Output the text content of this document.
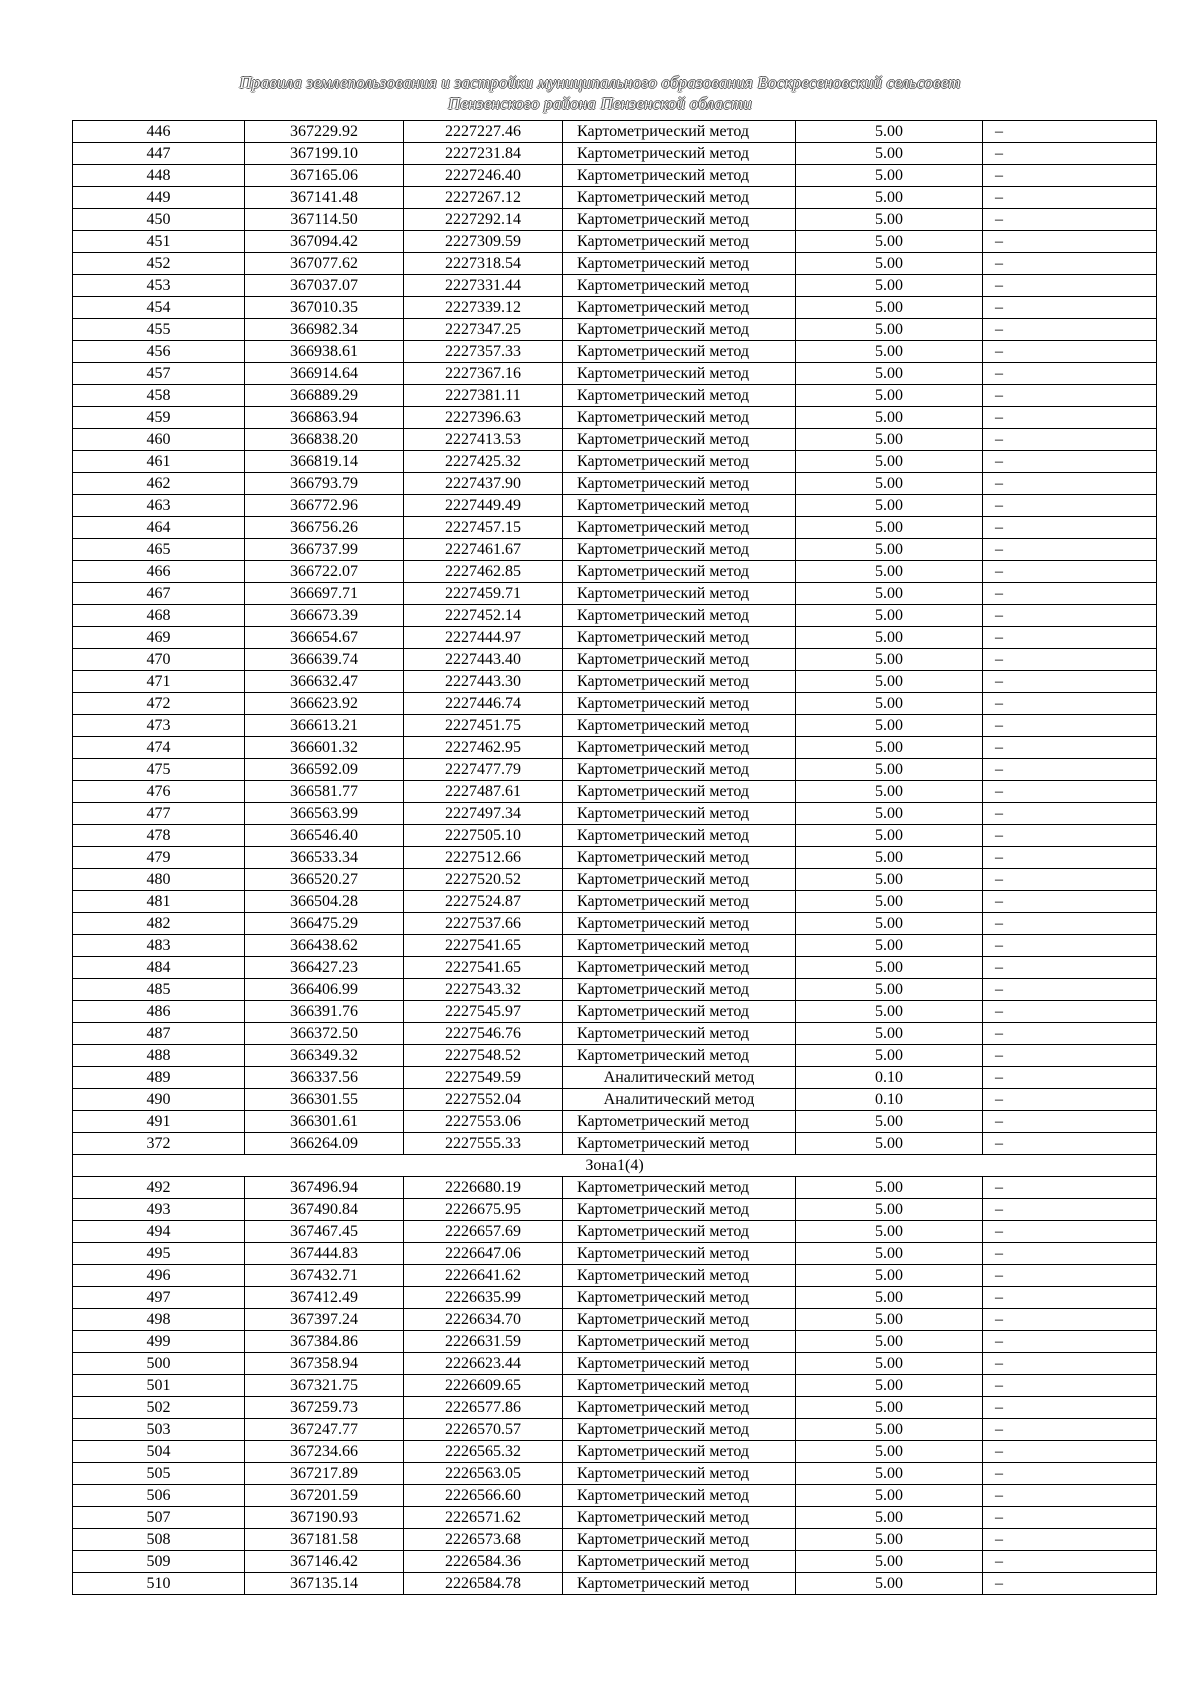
Правила землепользования и застройки муниципального образования Воскресеновский сельсовет
Пензенского района Пензенской области
446	367229.92	2227227.46	Картометрический метод	5.00	–
447	367199.10	2227231.84	Картометрический метод	5.00	–
448	367165.06	2227246.40	Картометрический метод	5.00	–
449	367141.48	2227267.12	Картометрический метод	5.00	–
450	367114.50	2227292.14	Картометрический метод	5.00	–
451	367094.42	2227309.59	Картометрический метод	5.00	–
452	367077.62	2227318.54	Картометрический метод	5.00	–
453	367037.07	2227331.44	Картометрический метод	5.00	–
454	367010.35	2227339.12	Картометрический метод	5.00	–
455	366982.34	2227347.25	Картометрический метод	5.00	–
456	366938.61	2227357.33	Картометрический метод	5.00	–
457	366914.64	2227367.16	Картометрический метод	5.00	–
458	366889.29	2227381.11	Картометрический метод	5.00	–
459	366863.94	2227396.63	Картометрический метод	5.00	–
460	366838.20	2227413.53	Картометрический метод	5.00	–
461	366819.14	2227425.32	Картометрический метод	5.00	–
462	366793.79	2227437.90	Картометрический метод	5.00	–
463	366772.96	2227449.49	Картометрический метод	5.00	–
464	366756.26	2227457.15	Картометрический метод	5.00	–
465	366737.99	2227461.67	Картометрический метод	5.00	–
466	366722.07	2227462.85	Картометрический метод	5.00	–
467	366697.71	2227459.71	Картометрический метод	5.00	–
468	366673.39	2227452.14	Картометрический метод	5.00	–
469	366654.67	2227444.97	Картометрический метод	5.00	–
470	366639.74	2227443.40	Картометрический метод	5.00	–
471	366632.47	2227443.30	Картометрический метод	5.00	–
472	366623.92	2227446.74	Картометрический метод	5.00	–
473	366613.21	2227451.75	Картометрический метод	5.00	–
474	366601.32	2227462.95	Картометрический метод	5.00	–
475	366592.09	2227477.79	Картометрический метод	5.00	–
476	366581.77	2227487.61	Картометрический метод	5.00	–
477	366563.99	2227497.34	Картометрический метод	5.00	–
478	366546.40	2227505.10	Картометрический метод	5.00	–
479	366533.34	2227512.66	Картометрический метод	5.00	–
480	366520.27	2227520.52	Картометрический метод	5.00	–
481	366504.28	2227524.87	Картометрический метод	5.00	–
482	366475.29	2227537.66	Картометрический метод	5.00	–
483	366438.62	2227541.65	Картометрический метод	5.00	–
484	366427.23	2227541.65	Картометрический метод	5.00	–
485	366406.99	2227543.32	Картометрический метод	5.00	–
486	366391.76	2227545.97	Картометрический метод	5.00	–
487	366372.50	2227546.76	Картометрический метод	5.00	–
488	366349.32	2227548.52	Картометрический метод	5.00	–
489	366337.56	2227549.59	Аналитический метод	0.10	–
490	366301.55	2227552.04	Аналитический метод	0.10	–
491	366301.61	2227553.06	Картометрический метод	5.00	–
372	366264.09	2227555.33	Картометрический метод	5.00	–
Зона1(4)					
492	367496.94	2226680.19	Картометрический метод	5.00	–
493	367490.84	2226675.95	Картометрический метод	5.00	–
494	367467.45	2226657.69	Картометрический метод	5.00	–
495	367444.83	2226647.06	Картометрический метод	5.00	–
496	367432.71	2226641.62	Картометрический метод	5.00	–
497	367412.49	2226635.99	Картометрический метод	5.00	–
498	367397.24	2226634.70	Картометрический метод	5.00	–
499	367384.86	2226631.59	Картометрический метод	5.00	–
500	367358.94	2226623.44	Картометрический метод	5.00	–
501	367321.75	2226609.65	Картометрический метод	5.00	–
502	367259.73	2226577.86	Картометрический метод	5.00	–
503	367247.77	2226570.57	Картометрический метод	5.00	–
504	367234.66	2226565.32	Картометрический метод	5.00	–
505	367217.89	2226563.05	Картометрический метод	5.00	–
506	367201.59	2226566.60	Картометрический метод	5.00	–
507	367190.93	2226571.62	Картометрический метод	5.00	–
508	367181.58	2226573.68	Картометрический метод	5.00	–
509	367146.42	2226584.36	Картометрический метод	5.00	–
510	367135.14	2226584.78	Картометрический метод	5.00	–
